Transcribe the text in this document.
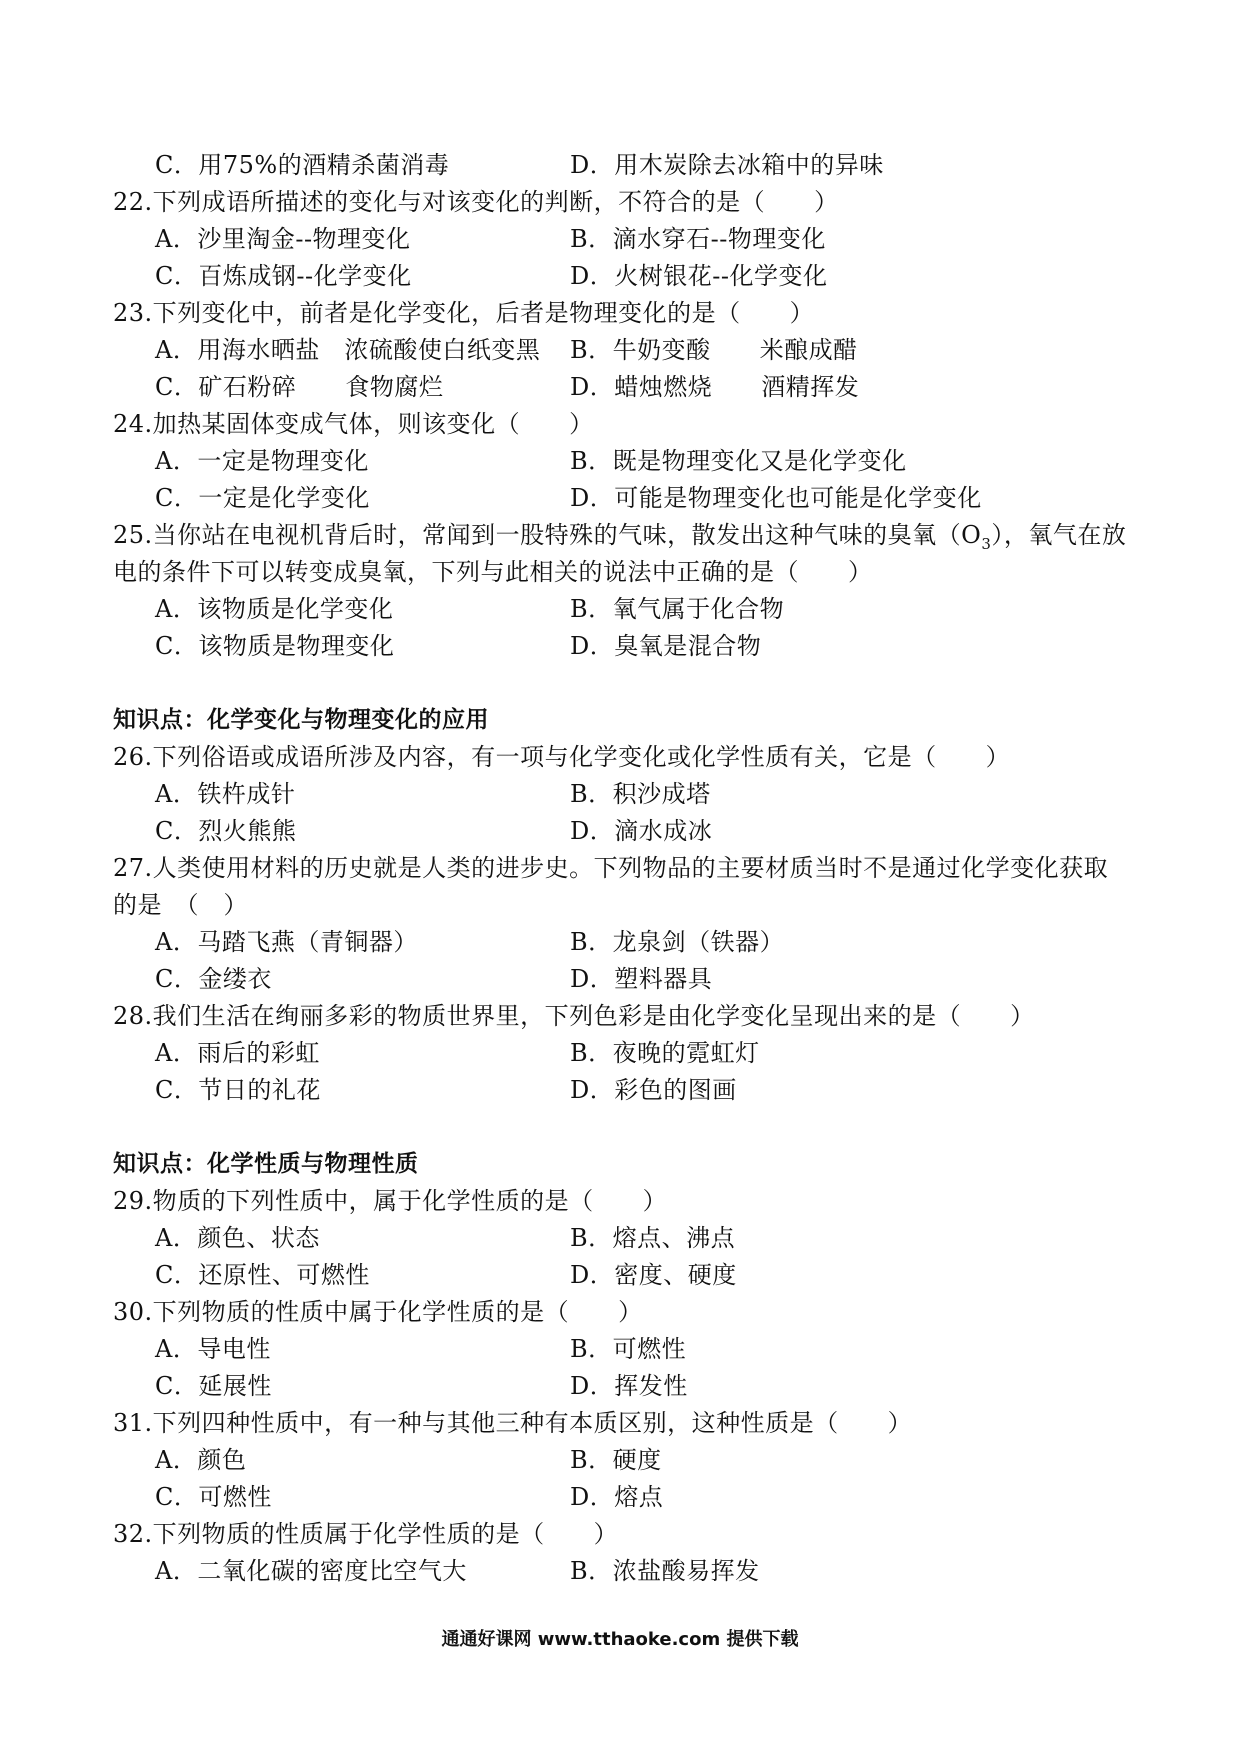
C．用75%的酒精杀菌消毒	D．用木炭除去冰箱中的异味
22.下列成语所描述的变化与对该变化的判断，不符合的是（　　）
A．沙里淘金--物理变化	B．滴水穿石--物理变化
C．百炼成钢--化学变化	D．火树银花--化学变化
23.下列变化中，前者是化学变化，后者是物理变化的是（　　）
A．用海水晒盐　浓硫酸使白纸变黑 B．牛奶变酸　　米酿成醋
C．矿石粉碎　　食物腐烂	D．蜡烛燃烧　　酒精挥发
24.加热某固体变成气体，则该变化（　　）
A．一定是物理变化	B．既是物理变化又是化学变化
C．一定是化学变化	D．可能是物理变化也可能是化学变化
25.当你站在电视机背后时，常闻到一股特殊的气味，散发出这种气味的臭氧$(O_3)$，氧气在放
电的条件下可以转变成臭氧，下列与此相关的说法中正确的是（　　）
A．该物质是化学变化	B．氧气属于化合物
C．该物质是物理变化	D．臭氧是混合物
知识点：化学变化与物理变化的应用
26.下列俗语或成语所涉及内容，有一项与化学变化或化学性质有关，它是（　　）
A．铁杵成针	B．积沙成塔
C．烈火熊熊	D．滴水成冰
27.人类使用材料的历史就是人类的进步史。下列物品的主要材质当时不是通过化学变化获取
的是　（　）
A．马踏飞燕（青铜器）	B．龙泉剑（铁器）
C．金缕衣	D．塑料器具
28.我们生活在绚丽多彩的物质世界里，下列色彩是由化学变化呈现出来的是（　　）
A．雨后的彩虹	B．夜晚的霓虹灯
C．节日的礼花	D．彩色的图画
知识点：化学性质与物理性质
29.物质的下列性质中，属于化学性质的是（　　）
A．颜色、状态	B．熔点、沸点
C．还原性、可燃性	D．密度、硬度
30.下列物质的性质中属于化学性质的是（　　）
A．导电性	B．可燃性
C．延展性	D．挥发性
31.下列四种性质中，有一种与其他三种有本质区别，这种性质是（　　）
A．颜色	B．硬度
C．可燃性	D．熔点
32.下列物质的性质属于化学性质的是（　　）
A．二氧化碳的密度比空气大	B．浓盐酸易挥发
通通好课网 www.tthaoke.com 提供下载
